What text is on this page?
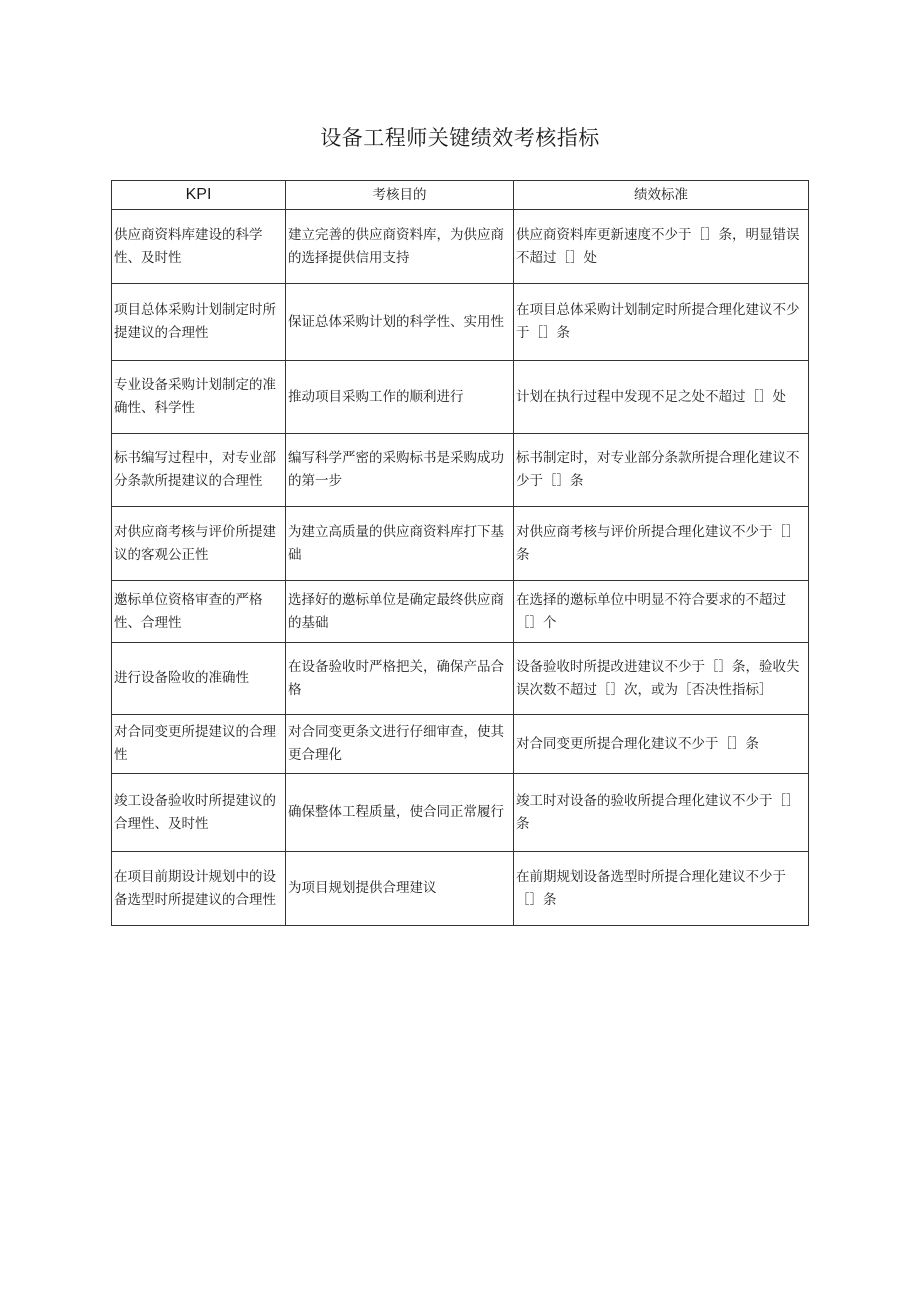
设备工程师关键绩效考核指标
KPI	考核目的	绩效标准
供应商资料库建设的科学性、及时性	建立完善的供应商资料库，为供应商的选择提供信用支持	供应商资料库更新速度不少于［］条，明显错误不超过［］处
项目总体采购计划制定时所提建议的合理性	保证总体采购计划的科学性、实用性	在项目总体采购计划制定时所提合理化建议不少于［］条
专业设备采购计划制定的准确性、科学性	推动项目采购工作的顺利进行	计划在执行过程中发现不足之处不超过［］处
标书编写过程中，对专业部分条款所提建议的合理性	编写科学严密的采购标书是采购成功的第一步	标书制定时，对专业部分条款所提合理化建议不少于［］条
对供应商考核与评价所提建议的客观公正性	为建立高质量的供应商资料库打下基础	对供应商考核与评价所提合理化建议不少于［］条
邀标单位资格审查的严格性、合理性	选择好的邀标单位是确定最终供应商的基础	在选择的邀标单位中明显不符合要求的不超过［］个
进行设备险收的准确性	在设备验收时严格把关，确保产品合格	设备验收时所提改进建议不少于［］条，验收失误次数不超过［］次，或为［否决性指标］
对合同变更所提建议的合理性	对合同变更条文进行仔细审查，使其更合理化	对合同变更所提合理化建议不少于［］条
竣工设备验收时所提建议的合理性、及时性	确保整体工程质量，使合同正常履行	竣工时对设备的验收所提合理化建议不少于［］条
在项目前期设计规划中的设备选型时所提建议的合理性	为项目规划提供合理建议	在前期规划设备选型时所提合理化建议不少于［］条
